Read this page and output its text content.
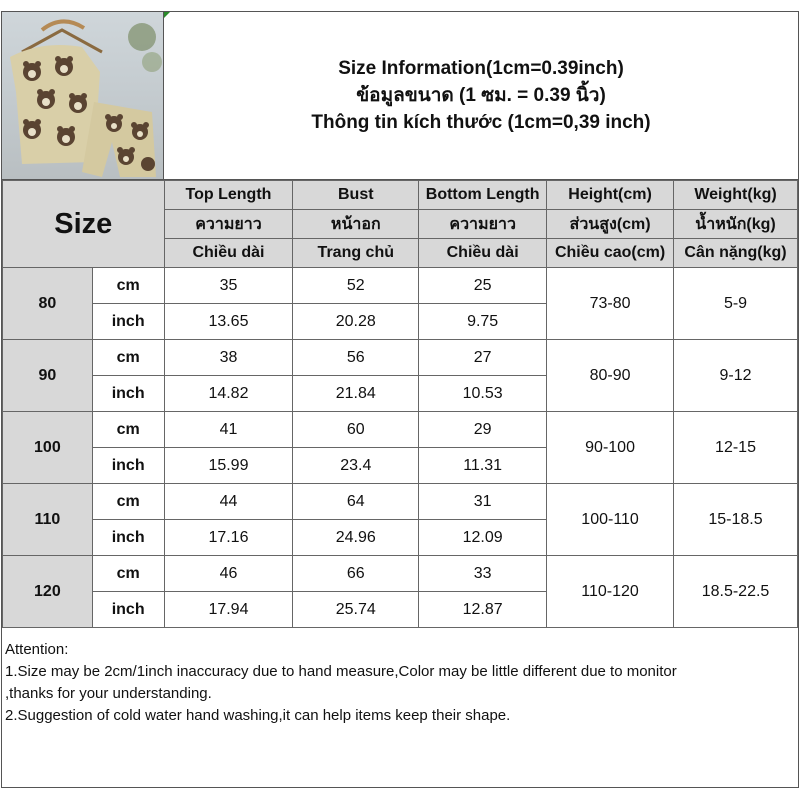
Size Information(1cm=0.39inch)
ข้อมูลขนาด (1 ซม. = 0.39 นิ้ว)
Thông tin kích thước (1cm=0,39 inch)
Size		Top Length	Bust	Bottom Length	Height(cm)	Weight(kg)
		ความยาว	หน้าอก	ความยาว	ส่วนสูง(cm)	น้ำหนัก(kg)
		Chiều dài	Trang chủ	Chiều dài	Chiều cao(cm)	Cân nặng(kg)
80	cm	35	52	25	73-80	5-9
	inch	13.65	20.28	9.75		
90	cm	38	56	27	80-90	9-12
	inch	14.82	21.84	10.53		
100	cm	41	60	29	90-100	12-15
	inch	15.99	23.4	11.31		
110	cm	44	64	31	100-110	15-18.5
	inch	17.16	24.96	12.09		
120	cm	46	66	33	110-120	18.5-22.5
	inch	17.94	25.74	12.87		
Attention:
1.Size may be 2cm/1inch inaccuracy due to hand measure,Color may be little different due to monitor
,thanks for your understanding.
2.Suggestion of cold water hand washing,it can help items keep their shape.
